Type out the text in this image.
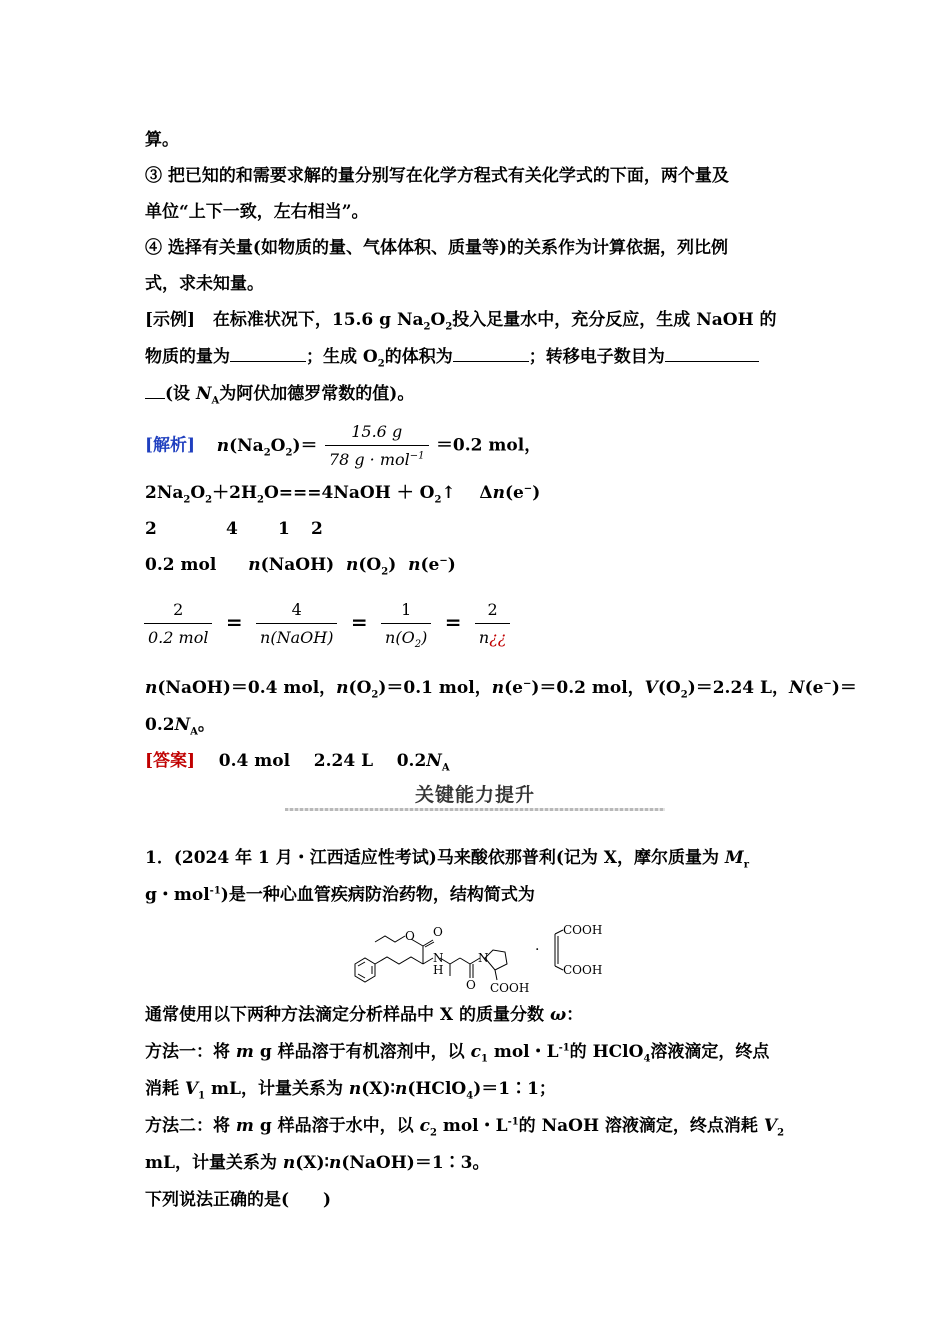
算。
③ 把已知的和需要求解的量分别写在化学方程式有关化学式的下面，两个量及
单位“上下一致，左右相当”。
④ 选择有关量(如物质的量、气体体积、质量等)的关系作为计算依据，列比例
式，求未知量。
[示例] 在标准状况下，15.6 g $Na_2O_2$投入足量水中，充分反应，生成 NaOH 的
物质的量为	；生成 $O_2$的体积为	；转移电子数目为
(设 $N_A$为阿伏加德罗常数的值)。
[解析] $n(Na_2O_2)= \frac{15.6 g}{78 g \cdot mol^{-1}} =0.2$ mol，
$2Na_2O_2+2H_2O===4NaOH$ ＋ $O_2↑$ Δn(e−)
2	4 1 2
0.2 mol n(NaOH) $n(O_2)$ n(e−)
$\frac{2}{\text{0.2 mol}} = \frac{4}{\text{n(NaOH)}} = \frac{1}{n(O_2)} = \frac{2}{n¿¿}$
n(NaOH)＝0.4 mol，$n(O_2)=0.1$ mol，n(e−)＝0.2 mol，$V(O_2)=2.24$ L，N(e−)＝
$0.2N_A$。
[答案] 0.4 mol 2.24 L $0.2N_A$
关键能力提升
1．(2024 年 1 月・江西适应性考试)马来酸依那普利(记为 X，摩尔质量为 $M_r$
g・mol$^{-1}$)是一种心血管疾病防治药物，结构简式为
O O
N
H
N
O COOH
·
COOH
COOH
通常使用以下两种方法滴定分析样品中 X 的质量分数 ω：
方法一：将 m g 样品溶于有机溶剂中，以 $c_1$ mol・$L^{-1}$的 HClO$_4$溶液滴定，终点
消耗 $V_1$ mL，计量关系为 n(X)∶n(HClO$_4$)＝1∶1；
方法二：将 m g 样品溶于水中，以 $c_2$ mol・$L^{-1}$的 NaOH 溶液滴定，终点消耗 $V_2$
mL，计量关系为 n(X)∶n(NaOH)＝1∶3。
下列说法正确的是(　　)
